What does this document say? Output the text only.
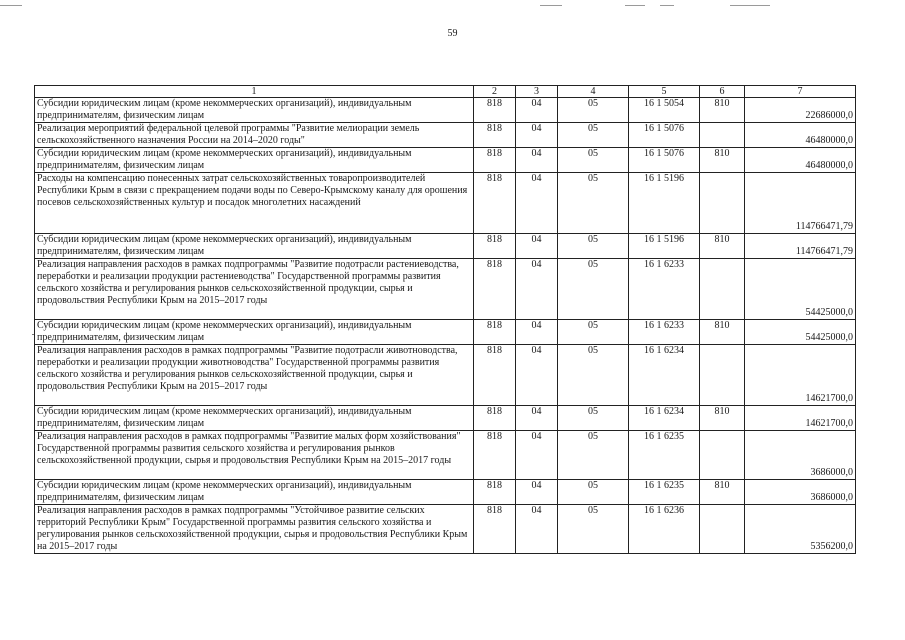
59
1	2	3	4	5	6	7
Субсидии юридическим лицам (кроме некоммерческих организаций), индивидуальным предпринимателям, физическим лицам	818	04	05	16 1 5054	810	22686000,0
Реализация мероприятий федеральной целевой программы "Развитие мелиорации земель сельскохозяйственного назначения России на 2014–2020 годы"	818	04	05	16 1 5076		46480000,0
Субсидии юридическим лицам (кроме некоммерческих организаций), индивидуальным предпринимателям, физическим лицам	818	04	05	16 1 5076	810	46480000,0
Расходы на компенсацию понесенных затрат сельскохозяйственных товаропроизводителей Республики Крым в связи с прекращением подачи воды по Северо-Крымскому каналу для орошения посевов сельскохозяйственных культур и посадок многолетних насаждений	818	04	05	16 1 5196		114766471,79
Субсидии юридическим лицам (кроме некоммерческих организаций), индивидуальным предпринимателям, физическим лицам	818	04	05	16 1 5196	810	114766471,79
Реализация направления расходов в рамках подпрограммы "Развитие подотрасли растениеводства, переработки и реализации продукции растениеводства" Государственной программы развития сельского хозяйства и регулирования рынков сельскохозяйственной продукции, сырья и продовольствия Республики Крым на 2015–2017 годы	818	04	05	16 1 6233		54425000,0
Субсидии юридическим лицам (кроме некоммерческих организаций), индивидуальным предпринимателям, физическим лицам	818	04	05	16 1 6233	810	54425000,0
Реализация направления расходов в рамках подпрограммы "Развитие подотрасли животноводства, переработки и реализации продукции животноводства" Государственной программы развития сельского хозяйства и регулирования рынков сельскохозяйственной продукции, сырья и продовольствия Республики Крым на 2015–2017 годы	818	04	05	16 1 6234		14621700,0
Субсидии юридическим лицам (кроме некоммерческих организаций), индивидуальным предпринимателям, физическим лицам	818	04	05	16 1 6234	810	14621700,0
Реализация направления расходов в рамках подпрограммы "Развитие малых форм хозяйствования" Государственной программы развития сельского хозяйства и регулирования рынков сельскохозяйственной продукции, сырья и продовольствия Республики Крым на 2015–2017 годы	818	04	05	16 1 6235		3686000,0
Субсидии юридическим лицам (кроме некоммерческих организаций), индивидуальным предпринимателям, физическим лицам	818	04	05	16 1 6235	810	3686000,0
Реализация направления расходов в рамках подпрограммы "Устойчивое развитие сельских территорий Республики Крым" Государственной программы развития сельского хозяйства и регулирования рынков сельскохозяйственной продукции, сырья и продовольствия Республики Крым на 2015–2017 годы	818	04	05	16 1 6236		5356200,0
